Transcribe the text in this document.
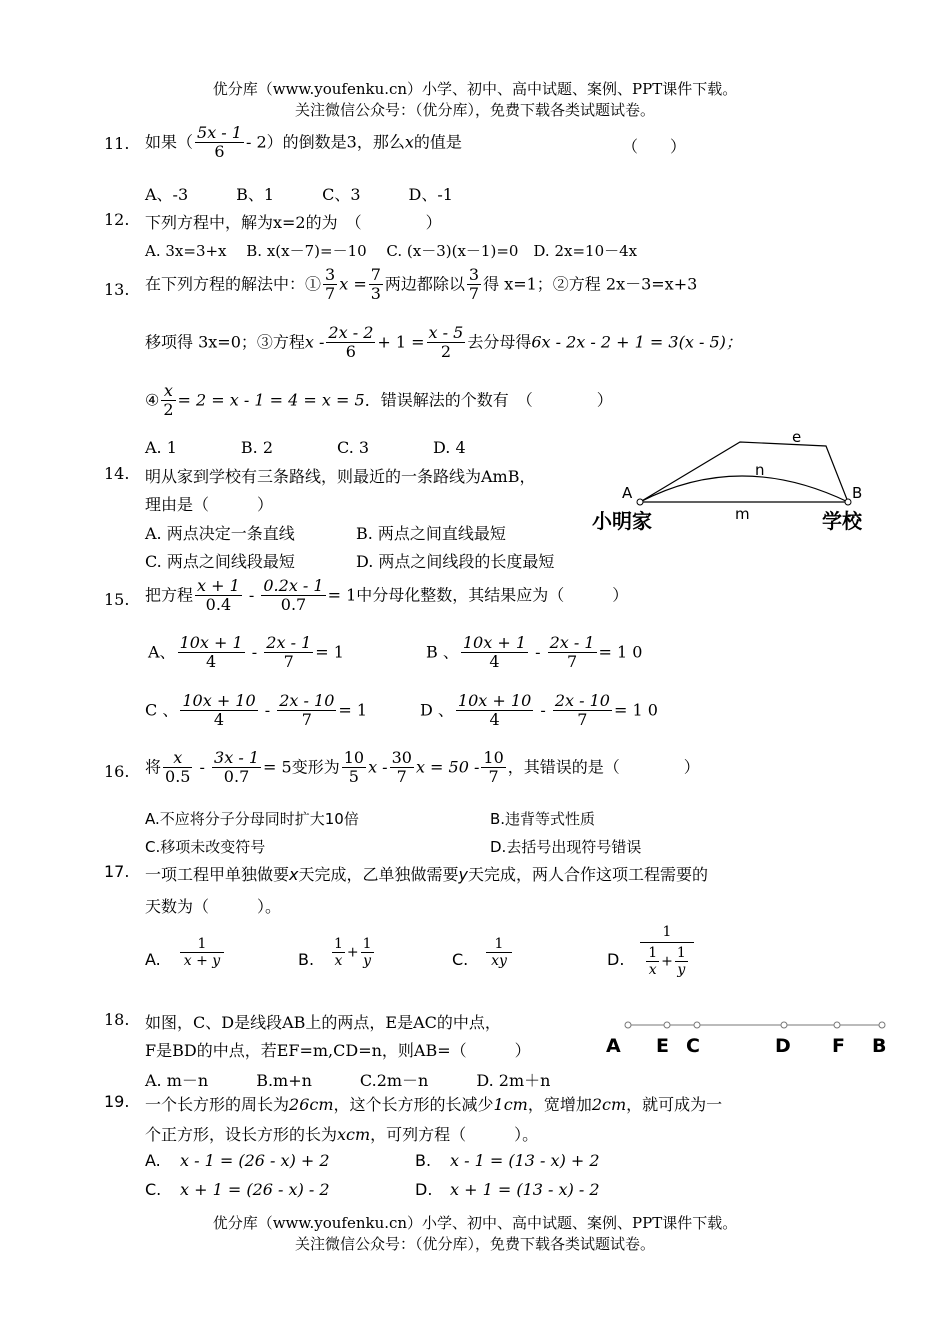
优分库（www.youfenku.cn）小学、初中、高中试题、案例、PPT课件下载。
关注微信公众号：（优分库），免费下载各类试题试卷。
11. 如果（ $\frac{5x - 1}{6} - 2$）的倒数是3，那么x的值是	（　　）
A、-3　　　B、1　　　C、3　　　D、-1
12. 下列方程中，解为x=2的为　（　　　　）
A. 3x=3+x　 B. x(x－7)=－10　 C. (x－3)(x－1)=0　D. 2x=10－4x
13. 在下列方程的解法中：① $\frac{3}{7}$ $x = \frac{7}{3}$ 两边都除以 $\frac{3}{7}$ 得 x=1；②方程 2x－3=x+3
移项得 3x=0；③方程$x - \frac{2x - 2}{6} + 1 = \frac{x - 5}{2}$ 去分母得6x - 2x - 2 + 1 = 3(x - 5)；
④ $\frac{x}{2} = 2 = x - 1 = 4 = x = 5$．错误解法的个数有　（　　　　）
A. 1　　　　B. 2　　　　C. 3　　　　D. 4
14. 明从家到学校有三条路线，则最近的一条路线为AmB，
理由是（　　　）
A. 两点决定一条直线	B. 两点之间直线最短
C. 两点之间线段最短	D. 两点之间线段的长度最短
A	B
e
n
m
小明家	学校
15. 把方程 $\frac{x + 1}{0.4} - \frac{0.2x - 1}{0.7} = 1$中分母化整数，其结果应为（　　　）
A、 $\frac{10x + 1}{4} - \frac{2x - 1}{7} = 1$	B 、 $\frac{10x + 1}{4} - \frac{2x - 1}{7} = 1$ 0
C 、 $\frac{10x + 10}{4} - \frac{2x - 10}{7} = 1$	D 、 $\frac{10x + 10}{4} - \frac{2x - 10}{7} = 1$ 0
16. 将 $\frac{x}{0.5} - \frac{3x - 1}{0.7} = 5$变形为 $\frac{10}{5}$ x - $\frac{30}{7}$ $x = 50 - \frac{10}{7}$ ，其错误的是（　　　　）
A.不应将分子分母同时扩大10倍	B.违背等式性质
C.移项未改变符号	D.去括号出现符号错误
17. 一项工程甲单独做要x天完成，乙单独做需要y天完成，两人合作这项工程需要的
天数为（　　　）。
A. $\frac{1}{x + y}$	B. $\frac{1}{x} + \frac{1}{y}$	C. $\frac{1}{xy}$	D.
1
$\frac{1}{x} + \frac{1}{y}$
18. 如图，C、D是线段AB上的两点，E是AC的中点，
F是BD的中点，若EF=m,CD=n，则AB=（　　　）
A. m－n　　　B.m+n　　　C.2m－n　　　D. 2m＋n
A E C	D F B
19. 一个长方形的周长为26cm，这个长方形的长减少1cm，宽增加2cm，就可成为一
个正方形，设长方形的长为xcm，可列方程（　　　）。
A. x - 1 = (26 - x) + 2	B. x - 1 = (13 - x) + 2
C. x + 1 = (26 - x) - 2	D. x + 1 = (13 - x) - 2
优分库（www.youfenku.cn）小学、初中、高中试题、案例、PPT课件下载。
关注微信公众号：（优分库），免费下载各类试题试卷。
